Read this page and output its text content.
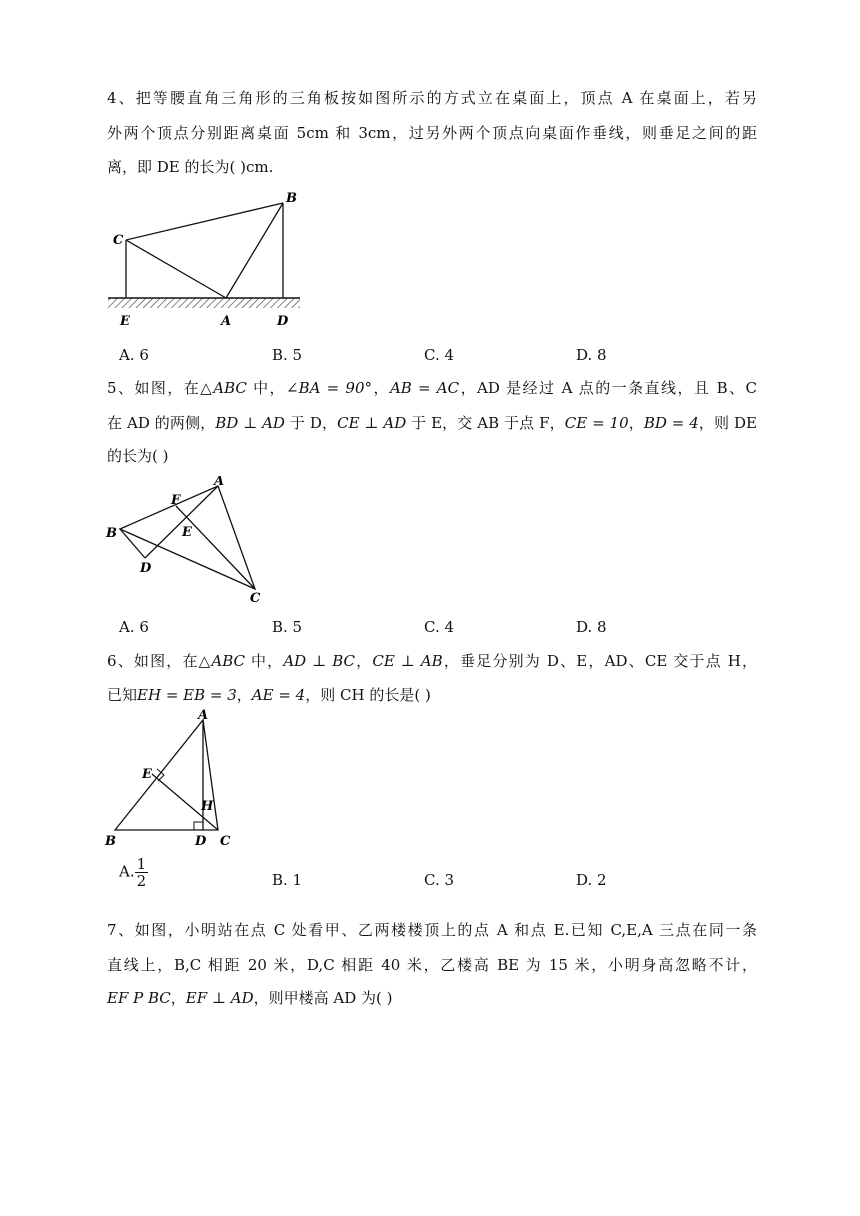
4、把等腰直角三角形的三角板按如图所示的方式立在桌面上，顶点 A 在桌面上，若另
外两个顶点分别距离桌面 5cm 和 3cm，过另外两个顶点向桌面作垂线，则垂足之间的距
离，即 DE 的长为( )cm.
B
C
E	A	D
A. 6	B. 5	C. 4	D. 8
5、如图，在△ABC 中，∠BA = 90°，AB = AC，AD 是经过 A 点的一条直线，且 B、C
在 AD 的两侧，BD ⊥ AD 于 D，CE ⊥ AD 于 E，交 AB 于点 F，CE = 10，BD = 4，则 DE
的长为( )
A
F
B	E
D
C
A. 6	B. 5	C. 4	D. 8
6、如图，在△ABC 中，AD ⊥ BC，CE ⊥ AB，垂足分别为 D、E，AD、CE 交于点 H，
已知EH = EB = 3，AE = 4，则 CH 的长是( )
A
E
H
B	D C
A. $\frac{1}{2}$	B. 1	C. 3	D. 2
7、如图，小明站在点 C 处看甲、乙两楼楼顶上的点 A 和点 E.已知 C,E,A 三点在同一条
直线上，B,C 相距 20 米，D,C 相距 40 米，乙楼高 BE 为 15 米，小明身高忽略不计，
EF P BC，EF ⊥ AD，则甲楼高 AD 为( )
